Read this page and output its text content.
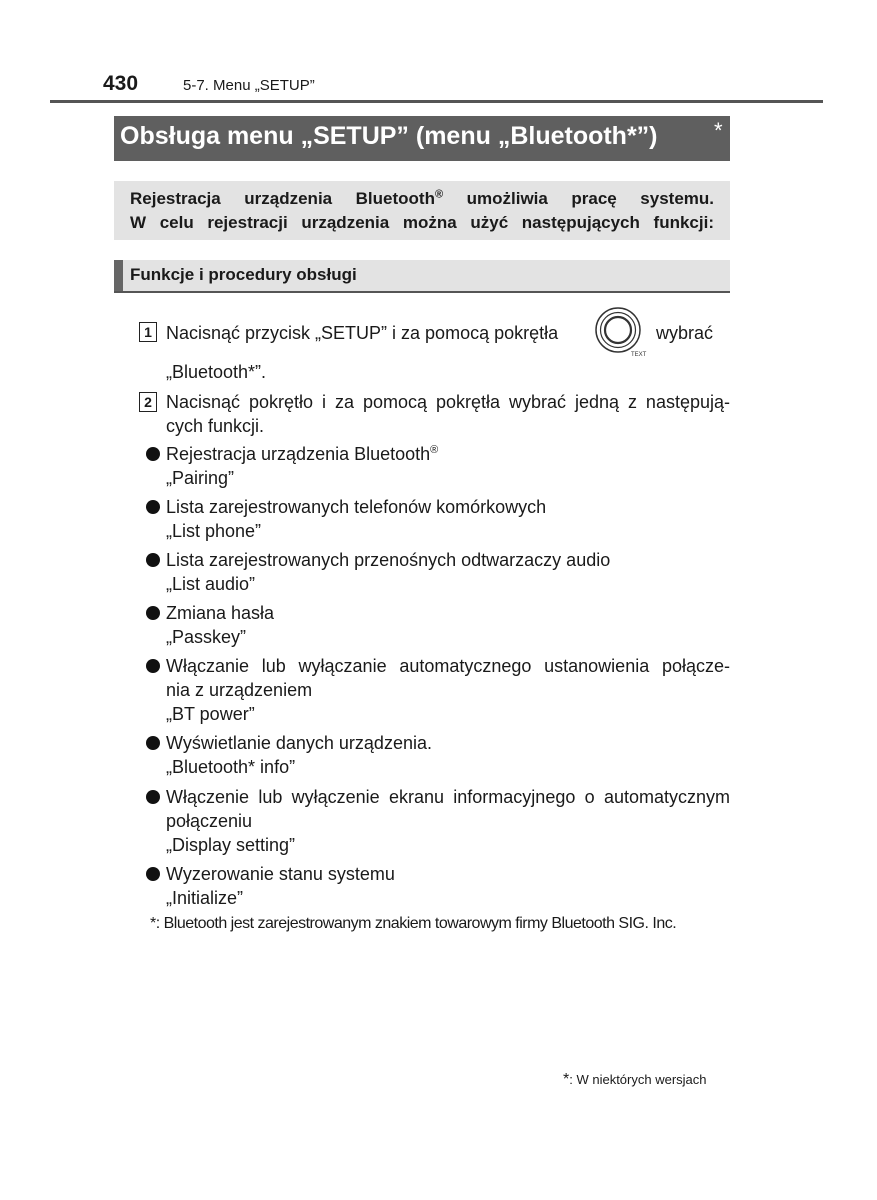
430	5-7. Menu „SETUP”
Obsługa menu „SETUP” (menu „Bluetooth*”)	*
Rejestracja urządzenia Bluetooth® umożliwia pracę systemu.
W celu rejestracji urządzenia można użyć następujących funkcji:
Funkcje i procedury obsługi
1 Nacisnąć przycisk „SETUP” i za pomocą pokrętła
TEXT
wybrać
„Bluetooth*”.
2 Nacisnąć pokrętło i za pomocą pokrętła wybrać jedną z następują-
cych funkcji.
Rejestracja urządzenia Bluetooth®
„Pairing”
Lista zarejestrowanych telefonów komórkowych
„List phone”
Lista zarejestrowanych przenośnych odtwarzaczy audio
„List audio”
Zmiana hasła
„Passkey”
Włączanie lub wyłączanie automatycznego ustanowienia połącze-
nia z urządzeniem
„BT power”
Wyświetlanie danych urządzenia.
„Bluetooth* info”
Włączenie lub wyłączenie ekranu informacyjnego o automatycznym
połączeniu
„Display setting”
Wyzerowanie stanu systemu
„Initialize”
*: Bluetooth jest zarejestrowanym znakiem towarowym firmy Bluetooth SIG. Inc.
*: W niektórych wersjach
